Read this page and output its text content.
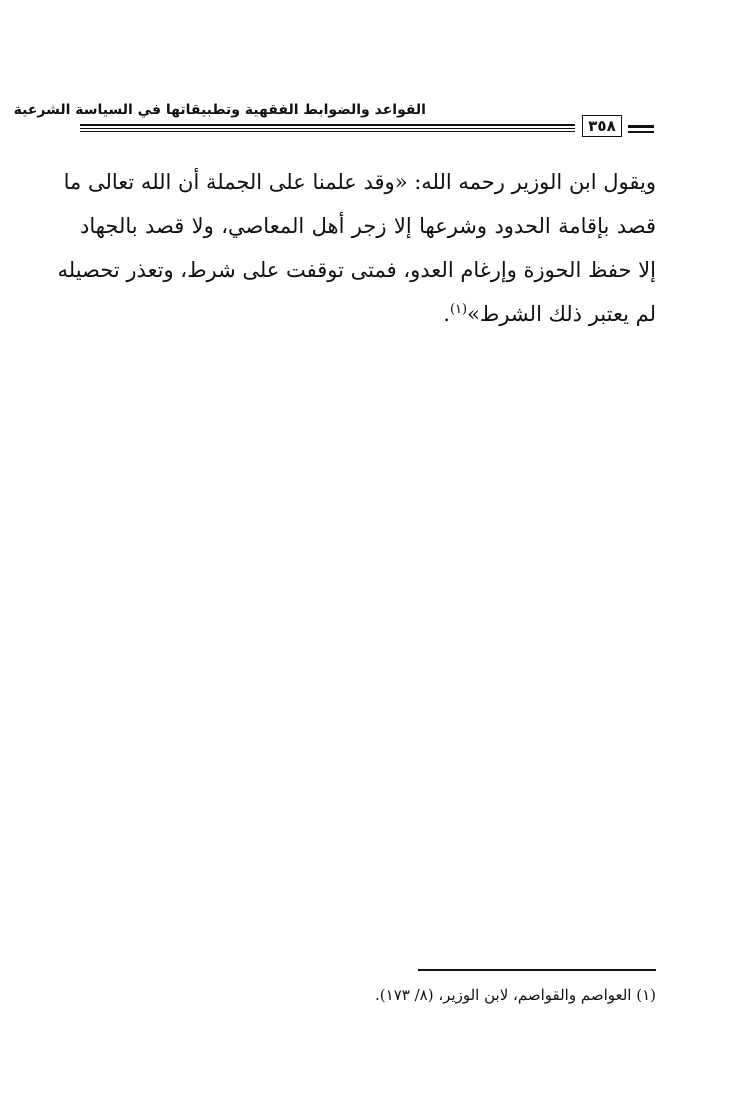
القواعد والضوابط الفقهية وتطبيقاتها في السياسة الشرعية
٣٥٨
ويقول ابن الوزير رحمه الله: «وقد علمنا على الجملة أن الله تعالى ما
قصد بإقامة الحدود وشرعها إلا زجر أهل المعاصي، ولا قصد بالجهاد
إلا حفظ الحوزة وإرغام العدو، فمتى توقفت على شرط، وتعذر تحصيله
لم يعتبر ذلك الشرط»$^{(١)}$.
(١) العواصم والقواصم، لابن الوزير، (٨/ ١٧٣).
